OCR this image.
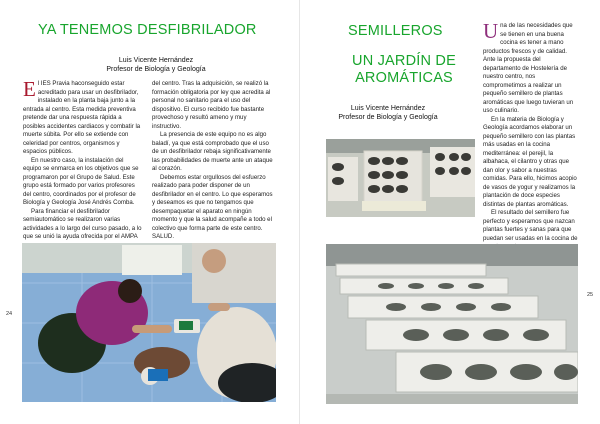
YA TENEMOS DESFIBRILADOR
Luis Vicente Hernández
Profesor de Biología y Geología

El IES Pravia haconseguido estar acreditado para usar un desfibrilador, instalado en la planta baja junto a la entrada al centro. Esta medida preventiva pretende dar una respuesta rápida a posibles accidentes cardiacos y combatir la muerte súbita. Por ello se extiende con celeridad por centros, organismos y espacios públicos.

En nuestro caso, la instalación del equipo se enmarca en los objetivos que se programaron por el Grupo de Salud. Este grupo está formado por varios profesores del centro, coordinados por el profesor de Biología y Geología José Andrés Comba.

Para financiar el desfibrilador semiautomático se realizaron varias actividades a lo largo del curso pasado, a lo que se unió la ayuda ofrecida por el AMPA

del centro. Tras la adquisición, se realizó la formación obligatoria por ley que acredita al personal no sanitario para el uso del dispositivo. El curso recibido fue bastante provechoso y resultó ameno y muy instructivo.

La presencia de este equipo no es algo baladí, ya que está comprobado que el uso de un desfibrilador rebaja significativamente las probabilidades de muerte ante un ataque al corazón.

Debemos estar orgullosos del esfuerzo realizado para poder disponer de un desfibrilador en el centro. Lo que esperamos y deseamos es que no tengamos que desempaquetar el aparato en ningún momento y que la salud acompañe a todo el colectivo que forma parte de este centro. SALUD.

24
SEMILLEROS
UN JARDÍN DE
AROMÁTICAS
Luis Vicente Hernández
Profesor de Biología y Geología

Una de las necesidades que se tienen en una buena cocina es tener a mano productos frescos y de calidad. Ante la propuesta del departamento de Hostelería de nuestro centro, nos comprometimos a realizar un pequeño semillero de plantas aromáticas que luego tuvieran un uso culinario.

En la materia de Biología y Geología acordamos elaborar un pequeño semillero con las plantas más usadas en la cocina mediterránea: el perejil, la albahaca, el cilantro y otras que dan olor y sabor a nuestras comidas. Para ello, hicimos acopio de vasos de yogur y realizamos la plantación de doce especies distintas de plantas aromáticas.

El resultado del semillero fue perfecto y esperamos que nazcan plantas fuertes y sanas para que puedan ser usadas en la cocina de

25
